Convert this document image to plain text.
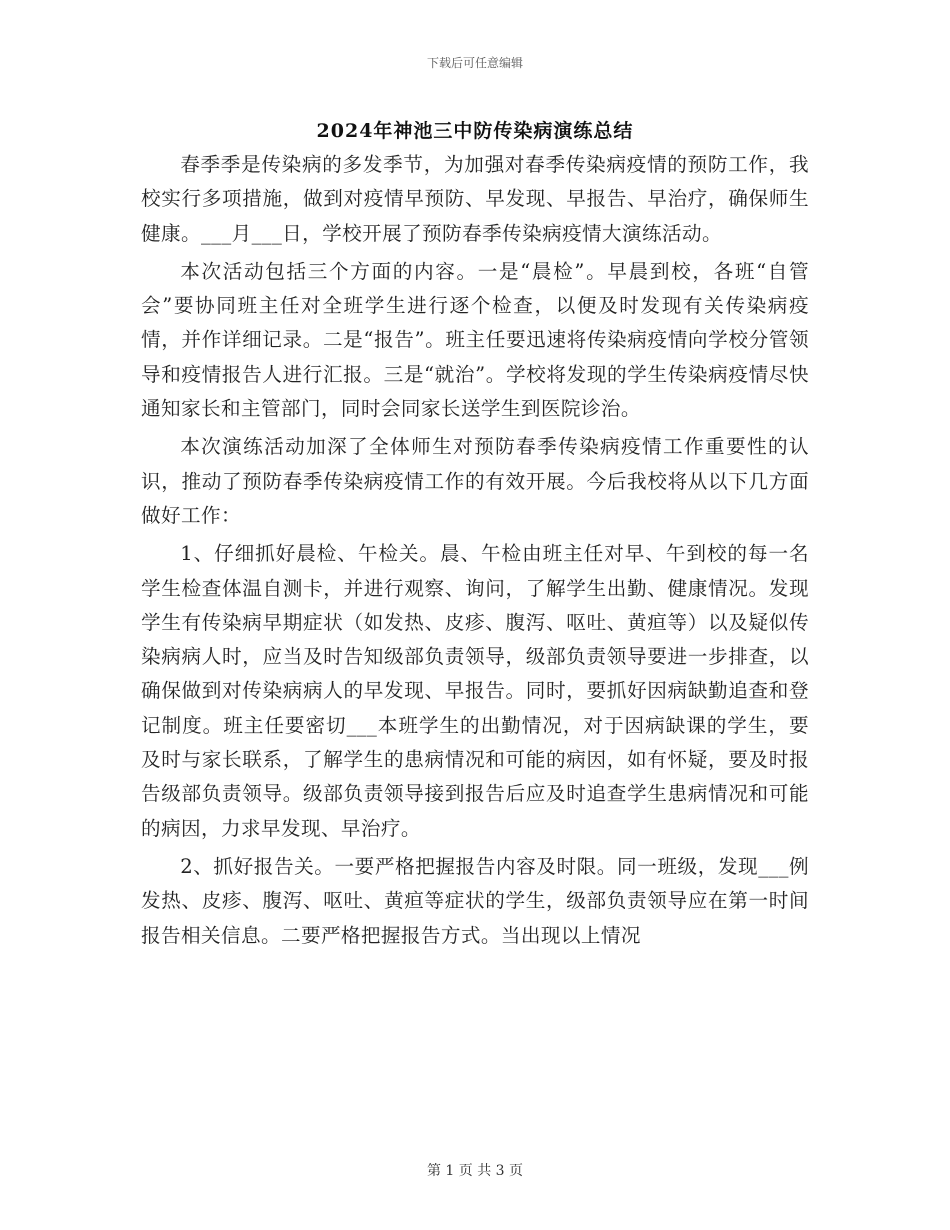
下载后可任意编辑
2024年神池三中防传染病演练总结

春季季是传染病的多发季节，为加强对春季传染病疫情的预防工作，我校实行多项措施，做到对疫情早预防、早发现、早报告、早治疗，确保师生健康。___月___日，学校开展了预防春季传染病疫情大演练活动。

本次活动包括三个方面的内容。一是“晨检”。早晨到校，各班“自管会”要协同班主任对全班学生进行逐个检查，以便及时发现有关传染病疫情，并作详细记录。二是“报告”。班主任要迅速将传染病疫情向学校分管领导和疫情报告人进行汇报。三是“就治”。学校将发现的学生传染病疫情尽快通知家长和主管部门，同时会同家长送学生到医院诊治。

本次演练活动加深了全体师生对预防春季传染病疫情工作重要性的认识，推动了预防春季传染病疫情工作的有效开展。今后我校将从以下几方面做好工作：

1、仔细抓好晨检、午检关。晨、午检由班主任对早、午到校的每一名学生检查体温自测卡，并进行观察、询问，了解学生出勤、健康情况。发现学生有传染病早期症状（如发热、皮疹、腹泻、呕吐、黄疸等）以及疑似传染病病人时，应当及时告知级部负责领导，级部负责领导要进一步排查，以确保做到对传染病病人的早发现、早报告。同时，要抓好因病缺勤追查和登记制度。班主任要密切___本班学生的出勤情况，对于因病缺课的学生，要及时与家长联系，了解学生的患病情况和可能的病因，如有怀疑，要及时报告级部负责领导。级部负责领导接到报告后应及时追查学生患病情况和可能的病因，力求早发现、早治疗。

2、抓好报告关。一要严格把握报告内容及时限。同一班级，发现___例发热、皮疹、腹泻、呕吐、黄疸等症状的学生，级部负责领导应在第一时间报告相关信息。二要严格把握报告方式。当出现以上情况

第 1 页 共 3 页
